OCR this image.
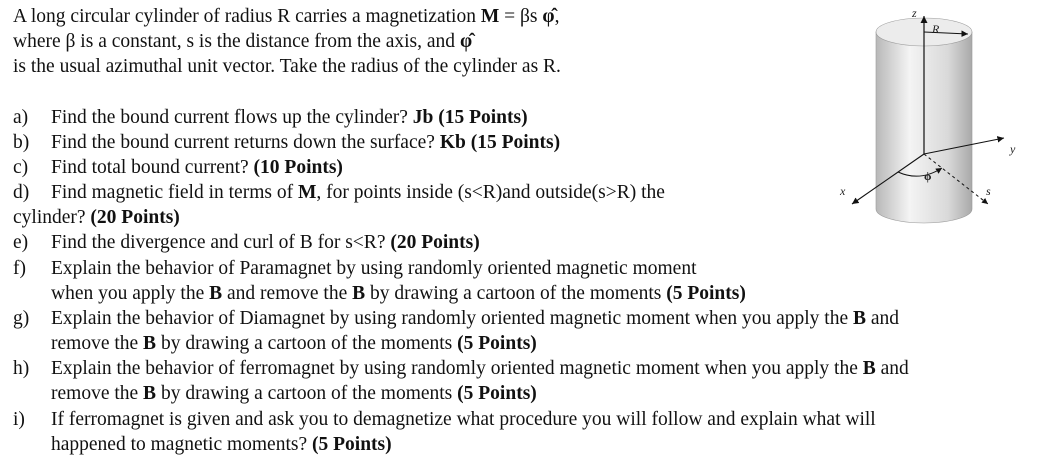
A long circular cylinder of radius R carries a magnetization M = βs φ̂,
where β is a constant, s is the distance from the axis, and φ̂
is the usual azimuthal unit vector. Take the radius of the cylinder as R.
a) Find the bound current flows up the cylinder? Jb (15 Points)
b) Find the bound current returns down the surface? Kb (15 Points)
c) Find total bound current? (10 Points)
d) Find magnetic field in terms of M, for points inside (s<R)and outside(s>R) the
cylinder? (20 Points)
e) Find the divergence and curl of B for s<R? (20 Points)
f) Explain the behavior of Paramagnet by using randomly oriented magnetic moment
when you apply the B and remove the B by drawing a cartoon of the moments (5 Points)
g) Explain the behavior of Diamagnet by using randomly oriented magnetic moment when you apply the B and
remove the B by drawing a cartoon of the moments (5 Points)
h) Explain the behavior of ferromagnet by using randomly oriented magnetic moment when you apply the B and
remove the B by drawing a cartoon of the moments (5 Points)
i) If ferromagnet is given and ask you to demagnetize what procedure you will follow and explain what will
happened to magnetic moments? (5 Points)
z
R
y
x
ϕ
s
